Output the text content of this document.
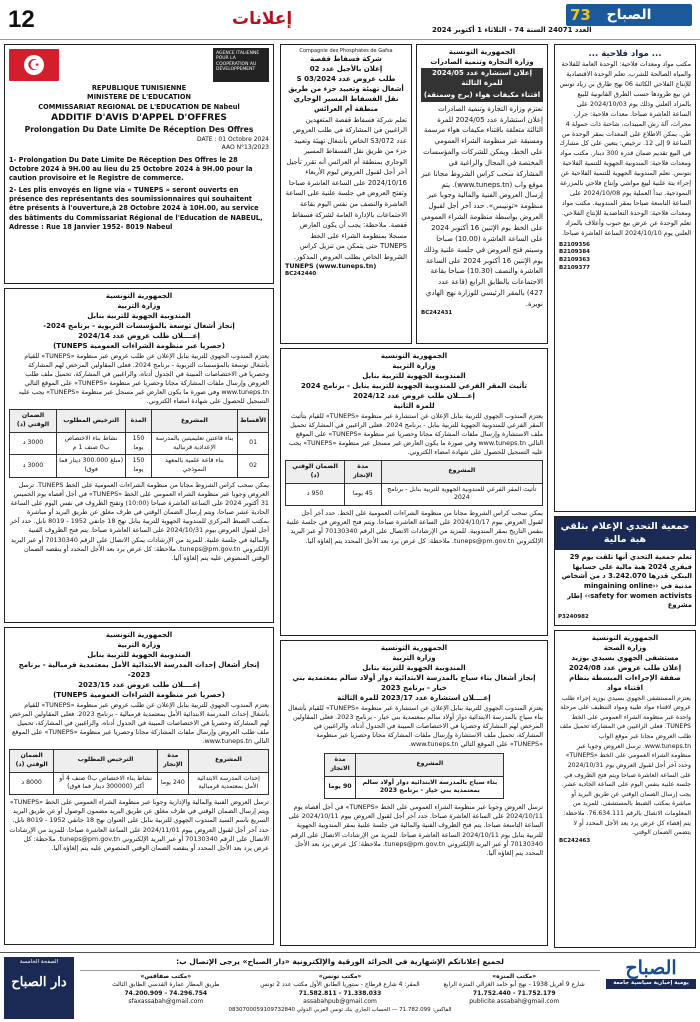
12	إعلانات
العدد 24071 السنة 74 - الثلاثاء 1 أكتوبر 2024
73 الصباح
☪
AGENCE ITALIENNE POUR LA COOPÉRATION AU DÉVELOPPEMENT
REPUBLIQUE TUNISIENNE
MINISTERE DE L'EDUCATION
COMMISSARIAT REGIONAL DE L'EDUCATION DE Nabeul
ADDITIF D'AVIS D'APPEL D'OFFRES
Prolongation Du Date Limite De Réception Des Offres
DATE : 01 Octobre 2024
AAO N°13/2023
1- Prolongation Du Date Limite De Réception Des Offres le 28 Octobre 2024 à 9H.00 au lieu du 25 Octobre 2024 à 9H.00 pour la caution provisoire et le Registre de commerce.
2- Les plis envoyés en ligne via « TUNEPS » seront ouverts en présence des représentants des soumissionnaires qui souhaitent être présents à l'ouverture,à 28 Octobre 2024 à 10H.00, au service des bâtiments du Commissariat Régional de l'Education de NABEUL, Adresse : Rue 18 Janvier 1952- 8019 Nabeul
الجمهورية التونسية
وزارة التربية
المندوبية الجهوية للتربية بنابل
إنجاز أشغال توسعة بالمؤسسات التربوية - برنامج 2024-
إعــــلان طلب عروض عدد 2024/14
(حصريا عبر منظومة الشراءات العمومية TUNEPS)
يعتزم المندوب الجهوي للتربية بنابل الإعلان عن طلب عروض عبر منظومة «TUNEPS» للقيام بأشغال توسعة بالمؤسسات التربوية - برنامج 2024. فعلى المقاولين المرخص لهم المشاركة وحصريا في الاختصاصات المبينة في الجدول أدناه، والراغبين في المشاركة، تحميل ملف طلب العروض وإرسال ملفات المشاركة مجانا وحصريا عبر منظومة «TUNEPS» على الموقع التالي www.tuneps.tn وفي صورة ما يكون العارض غير مسجل عبر منظومة «TUNEPS» يجب عليه التسجيل للحصول على شهادة امضاء الكتروني.
الأقساط	المشروع	المدة	الترخيص المطلوب	الضمان الوقتي (د)
01	بناء قاعتين تعليميتين بالمدرسة الإعدادية قرنبالية	150 يوما	نشاط بناء الاختصاص ب0 صنف 1 م	3000 د
02	بناء قاعة علمية بالمعهد النموذجي	150 يوما	(مبلغ 300.000 دينار فما فوق)	3000 د
يمكن سحب كراس الشروط مجانا من منظومة الشراءات العمومية على الخط TUNEPS. ترسل العروض وجوبا عبر منظومة الشراء العمومي على الخط «TUNEPS» في أجل أقصاه يوم الخميس 31 أكتوبر 2024 على الساعة العاشرة صباحا (10:00) وتفتح الظروف في نفس اليوم على الساعة الحادية عشر صباحا، ويتم إرسال الضمان الوقتي في ظرف مغلق عن طريق البريد أو مباشرة بمكتب الضبط المركزي للمندوبية الجهوية للتربية بنابل نهج 18 جانفي 1952 - 8019 نابل. حدد آخر أجل لقبول العروض بيوم 2024/10/31 على الساعة العاشرة صباحا. يتم فتح الظروف الفنية والمالية في جلسة علنية. للمزيد من الإرشادات يمكن الاتصال على الرقم 70130340 أو عبر البريد الإلكتروني tuneps@pm.gov.tn. ملاحظة: كل عرض يرد بعد الأجل المحدد أو ينقصه الضمان الوقتي المنصوص عليه يتم إلغاؤه آليا.
الجمهورية التونسية
وزارة التربية
المندوبية الجهوية للتربية بنابل
إنجاز أشغال إحداث المدرسة الابتدائية الأمل بمعتمدية قرمبالية - برنامج 2023-
إعــــلان طلب عروض عدد 2023/15
(حصريا عبر منظومة الشراءات العمومية TUNEPS)
يعتزم المندوب الجهوي للتربية بنابل الإعلان عن طلب عروض عبر منظومة «TUNEPS» للقيام بأشغال إحداث المدرسة الابتدائية الأمل بمعتمدية قرمبالية - برنامج 2023. فعلى المقاولين المرخص لهم المشاركة وحصريا في الاختصاصات المبينة في الجدول أدناه، والراغبين في المشاركة، تحميل ملف طلب العروض وإرسال ملفات المشاركة مجانا وحصريا عبر منظومة «TUNEPS» على الموقع التالي www.tuneps.tn.
المشروع	مدة الإنجاز	الترخيص المطلوب	الضمان الوقتي (د)
إحداث المدرسة الابتدائية الأمل بمعتمدية قرمبالية	240 يوما	نشاط بناء الاختصاص ب0 صنف 4 أو أكثر (300000 دينار فما فوق)	8000 د
ترسل العروض الفنية والمالية والإدارية وجوبا عبر منظومة الشراء العمومي على الخط «TUNEPS» ويتم إرسال الضمان الوقتي في ظرف مغلق عن طريق البريد مضمون الوصول أو عن طريق البريد السريع باسم السيد المندوب الجهوي للتربية بنابل على العنوان نهج 18 جانفي 1952 - 8019 نابل. حدد آخر أجل لقبول العروض بيوم 2024/11/01 على الساعة العاشرة صباحا. للمزيد من الإرشادات الاتصال على الرقم 70130340 أو عبر البريد الإلكتروني tuneps@pm.gov.tn. ملاحظة: كل عرض يرد بعد الأجل المحدد أو ينقصه الضمان الوقتي المنصوص عليه يتم إلغاؤه آليا.
الجمهورية التونسية
وزارة التجارة وتنمية الصادرات
إعلان استشارة عدد 2024/05 للمرة الثالثة
اقتناء مكيفات هواء (برج وسمنقة)
تعتزم وزارة التجارة وتنمية الصادرات إعلان استشارة عدد 2024/05 للمرة الثالثة متعلقة باقتناء مكيفات هواء مرسمة ومسبقة عبر منظومة الشراء العمومي على الخط، ويمكن للشركات والمؤسسات المختصة في المجال والراغبة في المشاركة سحب كراس الشروط مجانا عبر موقع واب (www.tuneps.tn). يتم إرسال العروض الفنية والمالية وجوبا عبر منظومة «تونيبس». حدد آخر أجل لقبول العروض بواسطة منظومة الشراء العمومي على الخط يوم الإثنين 16 أكتوبر 2024 على الساعة العاشرة (10.00) صباحا وسيتم فتح العروض في جلسة علنية وذلك يوم الإثنين 16 أكتوبر 2024 على الساعة العاشرة والنصف (10.30) صباحا بقاعة الاجتماعات بالطابق الرابع (قاعة عدد 427) بالمقر الرئيسي للوزارة نهج الهادي نويرة.
BC242431
Compagnie des Phosphates de Gafsa
شركة فسفاط قفصة
إعلان بالأجيل عدد 02
طلب عروض عدد 03/2024 S
أشغال تهيئة وتعبيد جزء من طريق نقل الفسفاط المسير الوجاري منطقة أم العرائس
تعلم شركة فسفاط قفصة المتعهدين الراغبين في المشاركة في طلب العروض عدد S3/072 الخاص بأشغال تهيئة وتعبيد جزء من طريق نقل الفسفاط المسير الوجاري بمنطقة أم العرائس أنه تقرر تأجيل آخر أجل لقبول العروض ليوم الأربعاء 2024/10/16 على الساعة العاشرة صباحا وتفتح العروض في جلسة علنية على الساعة العاشرة والنصف من نفس اليوم بقاعة الاجتماعات بالإدارة العامة لشركة فسفاط قفصة. ملاحظة: يجب أن يكون العارض مسجلا بمنظومة الشراء على الخط TUNEPS حتى يتمكن من تنزيل كراس الشروط الخاص بطلب العروض المذكور.
TUNEPS (www.tuneps.tn)
BC242440
الجمهورية التونسية
وزارة التربية
المندوبية الجهوية للتربية بنابل
تأثيث المقر الفرعي للمندوبية الجهوية للتربية بنابل - برنامج 2024
إعــــلان طلب عروض عدد 2024/12
للمرة الثانية
يعتزم المندوب الجهوي للتربية بنابل الإعلان عن استشارة عبر منظومة «TUNEPS» للقيام بتأثيث المقر الفرعي للمندوبية الجهوية للتربية بنابل - برنامج 2024. فعلى الراغبين في المشاركة تحميل ملف الاستشارة وإرسال ملفات المشاركة مجانا وحصريا عبر منظومة «TUNEPS» على الموقع التالي www.tuneps.tn وفي صورة ما يكون العارض غير مسجل عبر منظومة «TUNEPS» يجب عليه التسجيل للحصول على شهادة امضاء الكتروني.
المشروع	مدة الإنجاز	الضمان الوقتي (د)
تأثيث المقر الفرعي للمندوبية الجهوية للتربية بنابل - برنامج 2024	45 يوما	950 د
يمكن سحب كراس الشروط مجانا من منظومة الشراءات العمومية على الخط. حدد آخر أجل لقبول العروض بيوم 2024/10/17 على الساعة العاشرة صباحا. ويتم فتح العروض في جلسة علنية بنفس التاريخ بمقر المندوبية. للمزيد من الإرشادات الاتصال على الرقم 70130340 أو عبر البريد الإلكتروني tuneps@pm.gov.tn. ملاحظة: كل عرض يرد بعد الأجل المحدد يتم إلغاؤه آليا.
الجمهورية التونسية
وزارة التربية
المندوبية الجهوية للتربية بنابل
إنجاز أشغال بناء سياج بالمدرسة الابتدائية دوار أولاد سالم بمعتمدية بني خيار - برنامج 2023
إعــــلان استشارة عدد 2023/17 للمرة الثالثة
يعتزم المندوب الجهوي للتربية بنابل الإعلان عن استشارة عبر منظومة «TUNEPS» للقيام بأشغال بناء سياج بالمدرسة الابتدائية دوار أولاد سالم بمعتمدية بني خيار - برنامج 2023. فعلى المقاولين المرخص لهم المشاركة وحصريا في الاختصاصات المبينة في الجدول أدناه، والراغبين في المشاركة، تحميل ملف الاستشارة وإرسال ملفات المشاركة مجانا وحصريا عبر منظومة «TUNEPS» على الموقع التالي www.tuneps.tn.
المشروع	مدة الانجاز
بناء سياج بالمدرسة الابتدائية دوار أولاد سالم بمعتمدية بني خيار - برنامج 2023	90 يوما
ترسل العروض وجوبا عبر منظومة الشراء العمومي على الخط «TUNEPS» في أجل أقصاه يوم 2024/10/11 على الساعة العاشرة صباحا. حدد آخر أجل لقبول العروض بيوم 2024/10/11 على الساعة التاسعة صباحا. يتم فتح الظروف الفنية والمالية في جلسة علنية بمقر المندوبية الجهوية للتربية بنابل يوم 2024/10/11 الساعة العاشرة صباحا. للمزيد من الإرشادات الاتصال على الرقم 70130340 أو عبر البريد الإلكتروني tuneps@pm.gov.tn. ملاحظة: كل عرض يرد بعد الأجل المحدد يتم إلغاؤه آليا.
... مواد فلاحية ...
مكتب مواد ومعدات فلاحية: الوحدة العامة للفلاحة والمياه الصالحة للشرب. تعلم الوحدة الاقتصادية للإنتاج الفلاحي الكائنة 06 نهج طارق بن زياد تونس عن بيع طرودها حسب الطرق القانونية للبيع بالمزاد العلني وذلك يوم 2024/10/03 على الساعة العاشرة صباحا. معدات فلاحية: جرار، محراث، آلة رش المبيدات، شاحنة ذات حمولة 4 طن. يمكن الاطلاع على المعدات بمقر الوحدة من الساعة 9 إلى 12. ترخيص: يتعين على كل مشارك في البيع تقديم ضمان قدره 300 دينار. مكتب مواد ومعدات فلاحية: المندوبية الجهوية للتنمية الفلاحية بتونس. تعلم المندوبية الجهوية للتنمية الفلاحية عن إجراء بتة علنية لبيع مواشي وإنتاج فلاحي بالمزرعة النموذجية. تبدأ العملية يوم 2024/10/08 على الساعة التاسعة صباحا بمقر المندوبية. مكتب مواد ومعدات فلاحية: الوحدة التعاضدية للإنتاج الفلاحي. تعلم الوحدة عن عرض بيع حبوب وأعلاف بالمزاد العلني يوم 2024/10/10 الساعة العاشرة صباحا.
B2109356
B2109384
B2109363
B2109377
جمعية التحدي الإعلام بتلقي هبة مالية
تعلم جمعية التحدي أنها تلقت يوم 29 فيفري 2024 هبة مالية على حسابها البنكي قدرها 3.242.070 د من أشخاص مدنية في ‹‹mingaining online safety for women activists›› إطار مشروع
P3240982
الجمهورية التونسية
وزارة الصحة
مستشفى الجهوي بسيدي بوزيد
إعلان طلب عروض عدد 2024/08
صفقة الإجراءات المبسطة بنظام اقتناء مواد
يعتزم المستشفى الجهوي بسيدي بوزيد إجراء طلب عروض لاقتناء مواد طبية ومواد التنظيف على مرحلة واحدة عبر منظومة الشراء العمومي على الخط TUNEPS. فعلى الراغبين في المشاركة تحميل ملف طلب العروض مجانا عبر موقع الواب www.tuneps.tn. ترسل العروض وجوبا عبر منظومة الشراء العمومي على الخط «TUNEPS» وحدد آخر أجل لقبول العروض يوم 2024/10/31 على الساعة العاشرة صباحا ويتم فتح الظروف في جلسة علنية بنفس اليوم على الساعة الحادية عشر. يجب إرسال الضمان الوقتي عن طريق البريد أو مباشرة بمكتب الضبط بالمستشفى. للمزيد من المعلومات الاتصال بالرقم 76.634.111. ملاحظة: يتم إقصاء كل عرض يرد بعد الأجل المحدد أو لا يتضمن الضمان الوقتي.
BC242463
الصفحة الخامسة
دار الصباح
لجميع إعلاناتكم الإشهارية في الجرائد الورقية والإلكترونية «دار الصباح» يرجى الإتصال ب:
«مكتب المنزه»
شارع 9 أفريل 1938 - نهج أبو حامد الغزالي المنزه الرابع
71.752.179 - 71.752.440
publicite.assabah@gmail.com
«مكتب تونس»
المقر: 4 شارع قرطاج - ستوريا الطابق الأول مكتب عدد 2 تونس
71.338.033 - 71.582.811
assabahpub@gmail.com
«مكتب صفاقس»
طريق المطار عمارة القدسي الطابق الثالث
74.296.754 - 74.200.909
sfaxassabah@gmail.com
الفاكس: 71.782.099 — الحساب الجاري بنك تونس العربي الدولي 0830700059109732840
الصباح
يومية إخبارية سياسية جامعة
